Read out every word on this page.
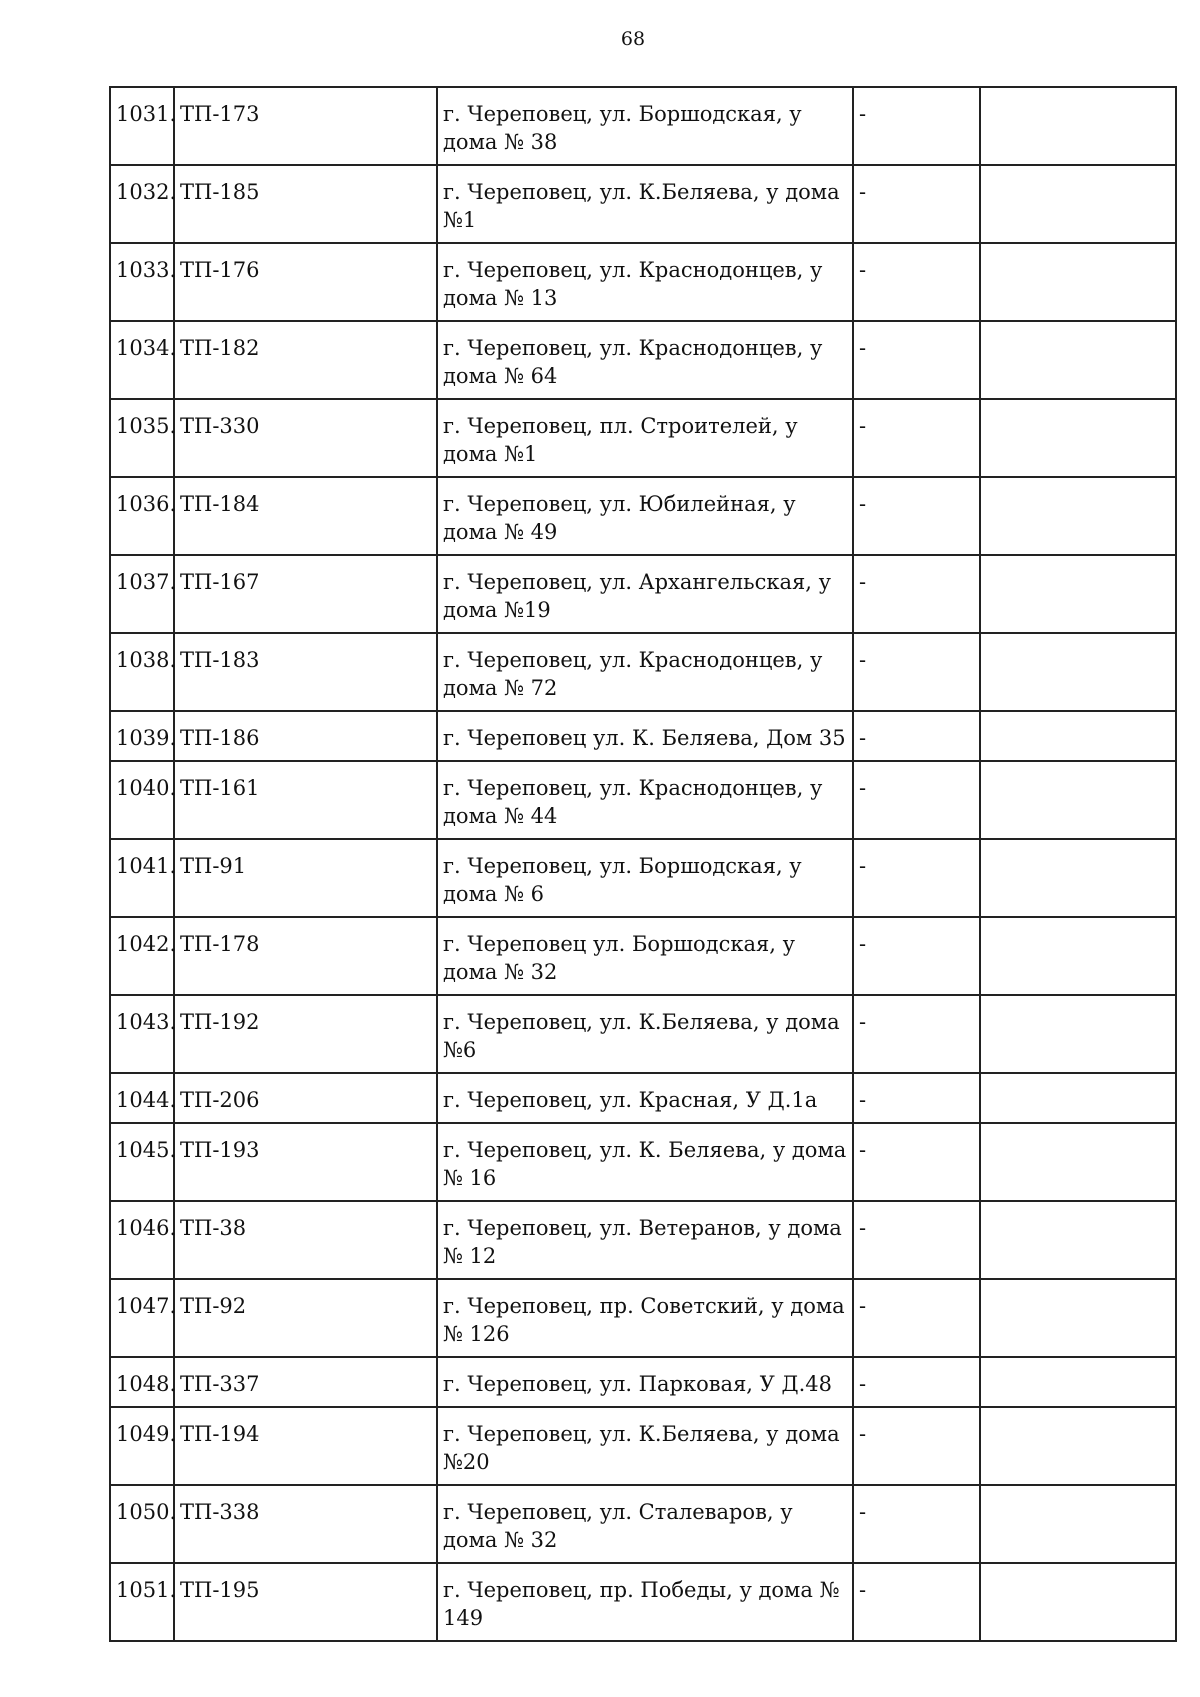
68
1031.	ТП-173	г. Череповец, ул. Боршодская, у дома № 38	-	
1032.	ТП-185	г. Череповец, ул. К.Беляева, у дома №1	-	
1033.	ТП-176	г. Череповец, ул. Краснодонцев, у дома № 13	-	
1034.	ТП-182	г. Череповец, ул. Краснодонцев, у дома № 64	-	
1035.	ТП-330	г. Череповец, пл. Строителей, у дома №1	-	
1036.	ТП-184	г. Череповец, ул. Юбилейная, у дома № 49	-	
1037.	ТП-167	г. Череповец, ул. Архангельская, у дома №19	-	
1038.	ТП-183	г. Череповец, ул. Краснодонцев, у дома № 72	-	
1039.	ТП-186	г. Череповец ул. К. Беляева, Дом 35	-	
1040.	ТП-161	г. Череповец, ул. Краснодонцев, у дома № 44	-	
1041.	ТП-91	г. Череповец, ул. Боршодская, у дома № 6	-	
1042.	ТП-178	г. Череповец ул. Боршодская, у дома № 32	-	
1043.	ТП-192	г. Череповец, ул. К.Беляева, у дома №6	-	
1044.	ТП-206	г. Череповец, ул. Красная, У Д.1а	-	
1045.	ТП-193	г. Череповец, ул. К. Беляева, у дома № 16	-	
1046.	ТП-38	г. Череповец, ул. Ветеранов, у дома № 12	-	
1047.	ТП-92	г. Череповец, пр. Советский, у дома № 126	-	
1048.	ТП-337	г. Череповец, ул. Парковая, У Д.48	-	
1049.	ТП-194	г. Череповец, ул. К.Беляева, у дома №20	-	
1050.	ТП-338	г. Череповец, ул. Сталеваров, у дома № 32	-	
1051.	ТП-195	г. Череповец, пр. Победы, у дома № 149	-	
